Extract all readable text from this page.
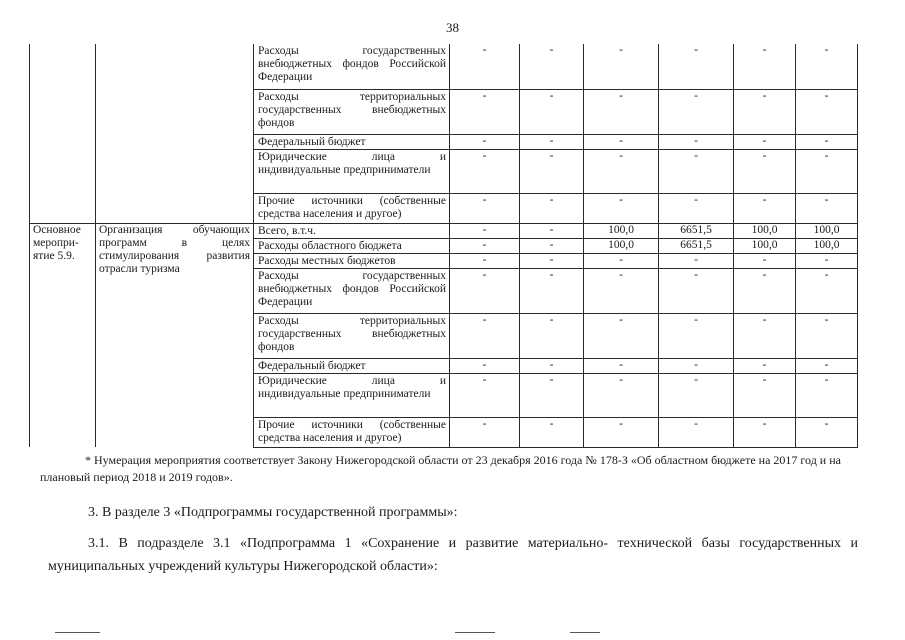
38
		Расходы государственных внебюджетных фондов Российской Федерации	-	-	-	-	-	-
		Расходы территориальных государственных внебюджетных фондов	-	-	-	-	-	-
		Федеральный бюджет	-	-	-	-	-	-
		Юридические лица и индивидуальные предприниматели	-	-	-	-	-	-
		Прочие источники (собственные средства населения и другое)	-	-	-	-	-	-
Основное меропри-ятие 5.9.	Организация обучающих программ в целях стимулирования развития отрасли туризма	Всего, в.т.ч.	-	-	100,0	6651,5	100,0	100,0
		Расходы областного бюджета	-	-	100,0	6651,5	100,0	100,0
		Расходы местных бюджетов	-	-	-	-	-	-
		Расходы государственных внебюджетных фондов Российской Федерации	-	-	-	-	-	-
		Расходы территориальных государственных внебюджетных фондов	-	-	-	-	-	-
		Федеральный бюджет	-	-	-	-	-	-
		Юридические лица и индивидуальные предприниматели	-	-	-	-	-	-
		Прочие источники (собственные средства населения и другое)	-	-	-	-	-	-
* Нумерация мероприятия соответствует Закону Нижегородской области от 23 декабря 2016 года № 178-З «Об областном бюджете на 2017 год и на плановый период 2018 и 2019 годов».
3. В разделе 3 «Подпрограммы государственной программы»:
3.1. В подразделе 3.1 «Подпрограмма 1 «Сохранение и развитие материально- технической базы государственных и муниципальных учреждений культуры Нижегородской области»:
